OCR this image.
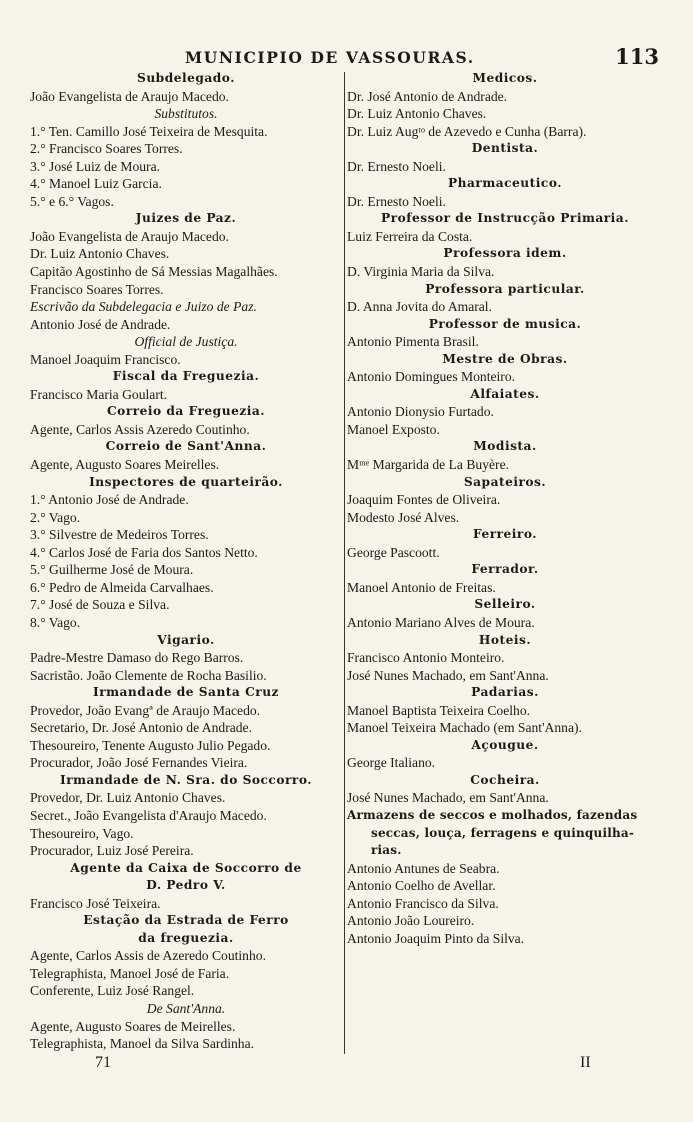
MUNICIPIO DE VASSOURAS.	113
Subdelegado.
João Evangelista de Araujo Macedo.
Substitutos.
1.° Ten. Camillo José Teixeira de Mesquita.
2.° Francisco Soares Torres.
3.° José Luiz de Moura.
4.° Manoel Luiz Garcia.
5.° e 6.° Vagos.
Juizes de Paz.
João Evangelista de Araujo Macedo.
Dr. Luiz Antonio Chaves.
Capitão Agostinho de Sá Messias Magalhães.
Francisco Soares Torres.
Escrivão da Subdelegacia e Juizo de Paz.
Antonio José de Andrade.
Official de Justiça.
Manoel Joaquim Francisco.
Fiscal da Freguezia.
Francisco Maria Goulart.
Correio da Freguezia.
Agente, Carlos Assis Azeredo Coutinho.
Correio de Sant'Anna.
Agente, Augusto Soares Meirelles.
Inspectores de quarteirão.
1.° Antonio José de Andrade.
2.° Vago.
3.° Silvestre de Medeiros Torres.
4.° Carlos José de Faria dos Santos Netto.
5.° Guilherme José de Moura.
6.° Pedro de Almeida Carvalhaes.
7.° José de Souza e Silva.
8.° Vago.
Vigario.
Padre-Mestre Damaso do Rego Barros.
Sacristão. João Clemente de Rocha Basilio.
Irmandade de Santa Cruz
Provedor, João Evangª de Araujo Macedo.
Secretario, Dr. José Antonio de Andrade.
Thesoureiro, Tenente Augusto Julio Pegado.
Procurador, João José Fernandes Vieira.
Irmandade de N. Sra. do Soccorro.
Provedor, Dr. Luiz Antonio Chaves.
Secret., João Evangelista d'Araujo Macedo.
Thesoureiro, Vago.
Procurador, Luiz José Pereira.
Agente da Caixa de Soccorro de
D. Pedro V.
Francisco José Teixeira.
Estação da Estrada de Ferro
da freguezia.
Agente, Carlos Assis de Azeredo Coutinho.
Telegraphista, Manoel José de Faria.
Conferente, Luiz José Rangel.
De Sant'Anna.
Agente, Augusto Soares de Meirelles.
Telegraphista, Manoel da Silva Sardinha.
Medicos.
Dr. José Antonio de Andrade.
Dr. Luiz Antonio Chaves.
Dr. Luiz Augᵗᵒ de Azevedo e Cunha (Barra).
Dentista.
Dr. Ernesto Noeli.
Pharmaceutico.
Dr. Ernesto Noeli.
Professor de Instrucção Primaria.
Luiz Ferreira da Costa.
Professora idem.
D. Virginia Maria da Silva.
Professora particular.
D. Anna Jovita do Amaral.
Professor de musica.
Antonio Pimenta Brasil.
Mestre de Obras.
Antonio Domingues Monteiro.
Alfaiates.
Antonio Dionysio Furtado.
Manoel Exposto.
Modista.
Mᵐᵉ Margarida de La Buyère.
Sapateiros.
Joaquim Fontes de Oliveira.
Modesto José Alves.
Ferreiro.
George Pascoott.
Ferrador.
Manoel Antonio de Freitas.
Selleiro.
Antonio Mariano Alves de Moura.
Hoteis.
Francisco Antonio Monteiro.
José Nunes Machado, em Sant'Anna.
Padarias.
Manoel Baptista Teixeira Coelho.
Manoel Teixeira Machado (em Sant'Anna).
Açougue.
George Italiano.
Cocheira.
José Nunes Machado, em Sant'Anna.
Armazens de seccos e molhados, fazendas
seccas, louça, ferragens e quinquilha-
rias.
Antonio Antunes de Seabra.
Antonio Coelho de Avellar.
Antonio Francisco da Silva.
Antonio João Loureiro.
Antonio Joaquim Pinto da Silva.
71	II
